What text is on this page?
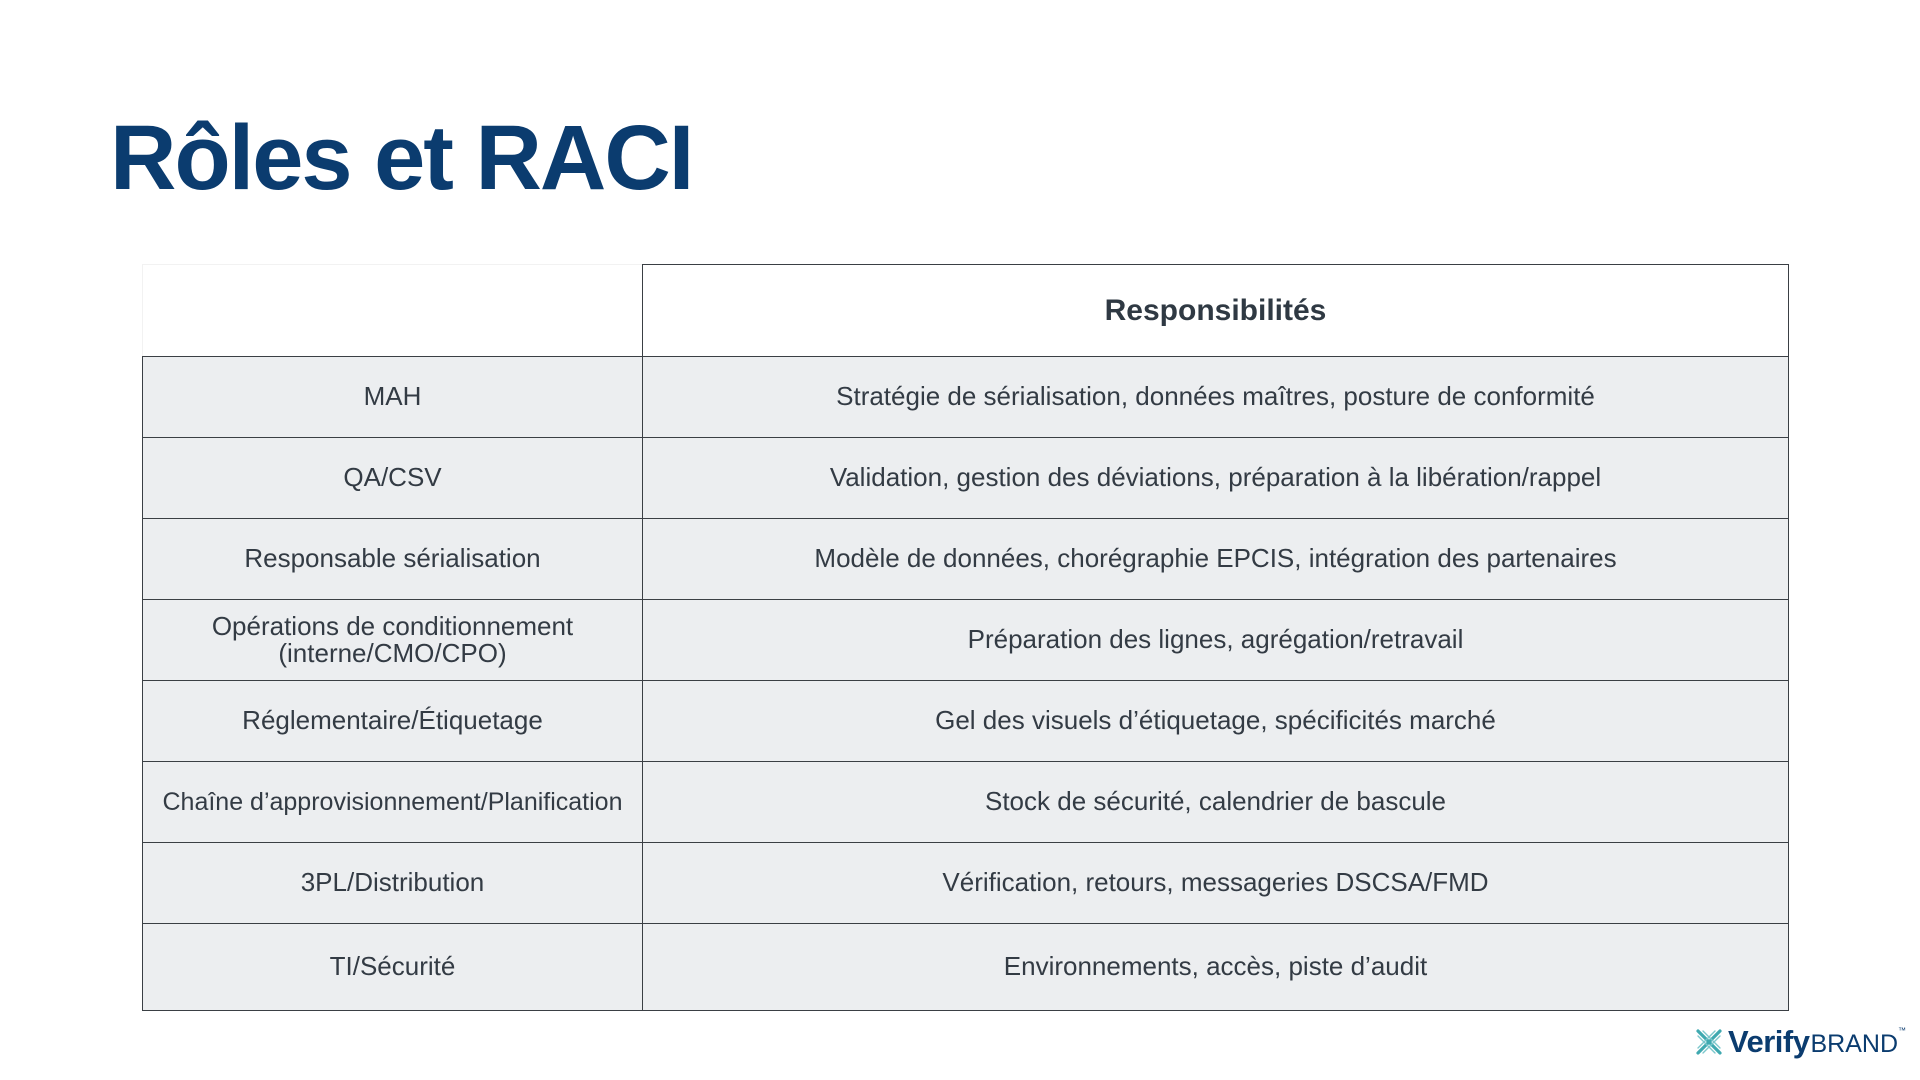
Rôles et RACI
	Responsibilités
MAH	Stratégie de sérialisation, données maîtres, posture de conformité
QA/CSV	Validation, gestion des déviations, préparation à la libération/rappel
Responsable sérialisation	Modèle de données, chorégraphie EPCIS, intégration des partenaires
Opérations de conditionnement (interne/CMO/CPO)	Préparation des lignes, agrégation/retravail
Réglementaire/Étiquetage	Gel des visuels d’étiquetage, spécificités marché
Chaîne d’approvisionnement/Planification	Stock de sécurité, calendrier de bascule
3PL/Distribution	Vérification, retours, messageries DSCSA/FMD
TI/Sécurité	Environnements, accès, piste d’audit
Verify BRAND ™
